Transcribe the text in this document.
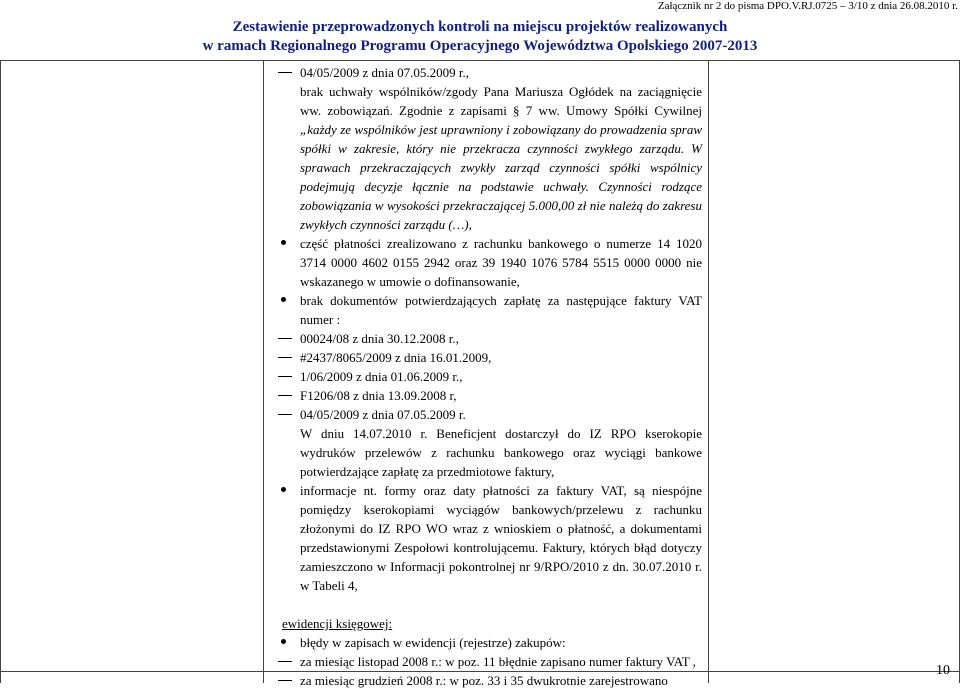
Załącznik nr 2 do pisma DPO.V.RJ.0725 – 3/10 z dnia 26.08.2010 r.
Zestawienie przeprowadzonych kontroli na miejscu projektów realizowanych
w ramach Regionalnego Programu Operacyjnego Województwa Opolskiego 2007-2013
04/05/2009 z dnia 07.05.2009 r.,
brak uchwały wspólników/zgody Pana Mariusza Ogłódek na zaciągnięcie ww. zobowiązań. Zgodnie z zapisami § 7 ww. Umowy Spółki Cywilnej „każdy ze wspólników jest uprawniony i zobowiązany do prowadzenia spraw spółki w zakresie, który nie przekracza czynności zwykłego zarządu. W sprawach przekraczających zwykły zarząd czynności spółki wspólnicy podejmują decyzje łącznie na podstawie uchwały. Czynności rodzące zobowiązania w wysokości przekraczającej 5.000,00 zł nie należą do zakresu zwykłych czynności zarządu (…),
część płatności zrealizowano z rachunku bankowego o numerze 14 1020 3714 0000 4602 0155 2942 oraz 39 1940 1076 5784 5515 0000 0000 nie wskazanego w umowie o dofinansowanie,
brak dokumentów potwierdzających zapłatę za następujące faktury VAT numer :
00024/08 z dnia 30.12.2008 r.,
#2437/8065/2009 z dnia 16.01.2009,
1/06/2009 z dnia 01.06.2009 r.,
F1206/08 z dnia 13.09.2008 r,
04/05/2009 z dnia 07.05.2009 r.
W dniu 14.07.2010 r. Beneficjent dostarczył do IZ RPO kserokopie wydruków przelewów z rachunku bankowego oraz wyciągi bankowe potwierdzające zapłatę za przedmiotowe faktury,
informacje nt. formy oraz daty płatności za faktury VAT, są niespójne pomiędzy kserokopiami wyciągów bankowych/przelewu z rachunku złożonymi do IZ RPO WO wraz z wnioskiem o płatność, a dokumentami przedstawionymi Zespołowi kontrolującemu. Faktury, których błąd dotyczy zamieszczono w Informacji pokontrolnej nr 9/RPO/2010 z dn. 30.07.2010 r. w Tabeli 4,
ewidencji księgowej:
błędy w zapisach w ewidencji (rejestrze) zakupów:
za miesiąc listopad 2008 r.: w poz. 11 błędnie zapisano numer faktury VAT ,
za miesiąc grudzień 2008 r.: w poz. 33 i 35 dwukrotnie zarejestrowano
10
